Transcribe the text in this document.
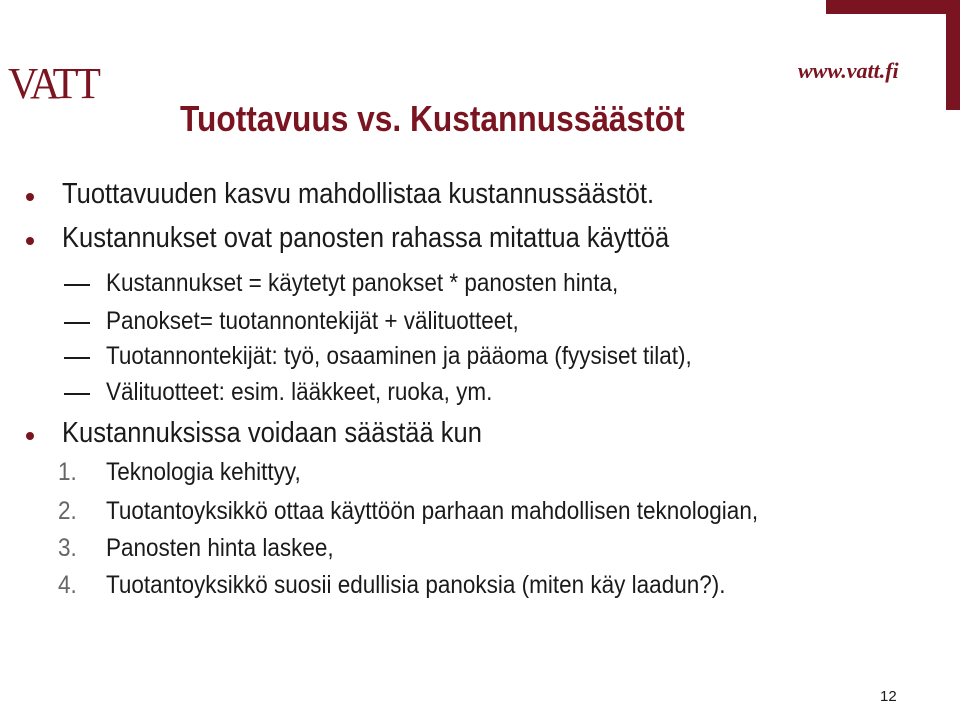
VATT	www.vatt.fi
Tuottavuus vs. Kustannussäästöt
Tuottavuuden kasvu mahdollistaa kustannussäästöt.
Kustannukset ovat panosten rahassa mitattua käyttöä
Kustannukset = käytetyt panokset * panosten hinta,
Panokset= tuotannontekijät + välituotteet,
Tuotannontekijät: työ, osaaminen ja pääoma (fyysiset tilat),
Välituotteet: esim. lääkkeet, ruoka, ym.
Kustannuksissa voidaan säästää kun
1. Teknologia kehittyy,
2. Tuotantoyksikkö ottaa käyttöön parhaan mahdollisen teknologian,
3. Panosten hinta laskee,
4. Tuotantoyksikkö suosii edullisia panoksia (miten käy laadun?).
12
